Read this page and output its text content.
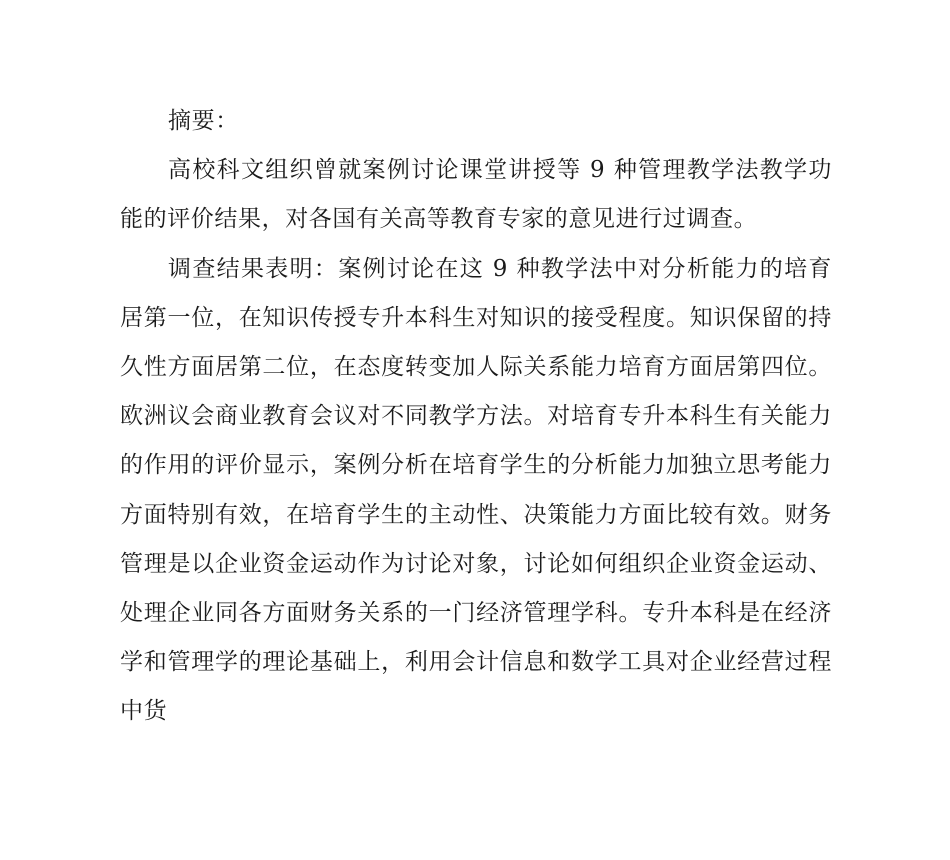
摘要：

高校科文组织曾就案例讨论课堂讲授等 9 种管理教学法教学功能的评价结果，对各国有关高等教育专家的意见进行过调查。

调查结果表明：案例讨论在这 9 种教学法中对分析能力的培育居第一位，在知识传授专升本科生对知识的接受程度。知识保留的持久性方面居第二位，在态度转变加人际关系能力培育方面居第四位。欧洲议会商业教育会议对不同教学方法。对培育专升本科生有关能力的作用的评价显示，案例分析在培育学生的分析能力加独立思考能力方面特别有效，在培育学生的主动性、决策能力方面比较有效。财务管理是以企业资金运动作为讨论对象，讨论如何组织企业资金运动、处理企业同各方面财务关系的一门经济管理学科。专升本科是在经济学和管理学的理论基础上，利用会计信息和数学工具对企业经营过程中货
